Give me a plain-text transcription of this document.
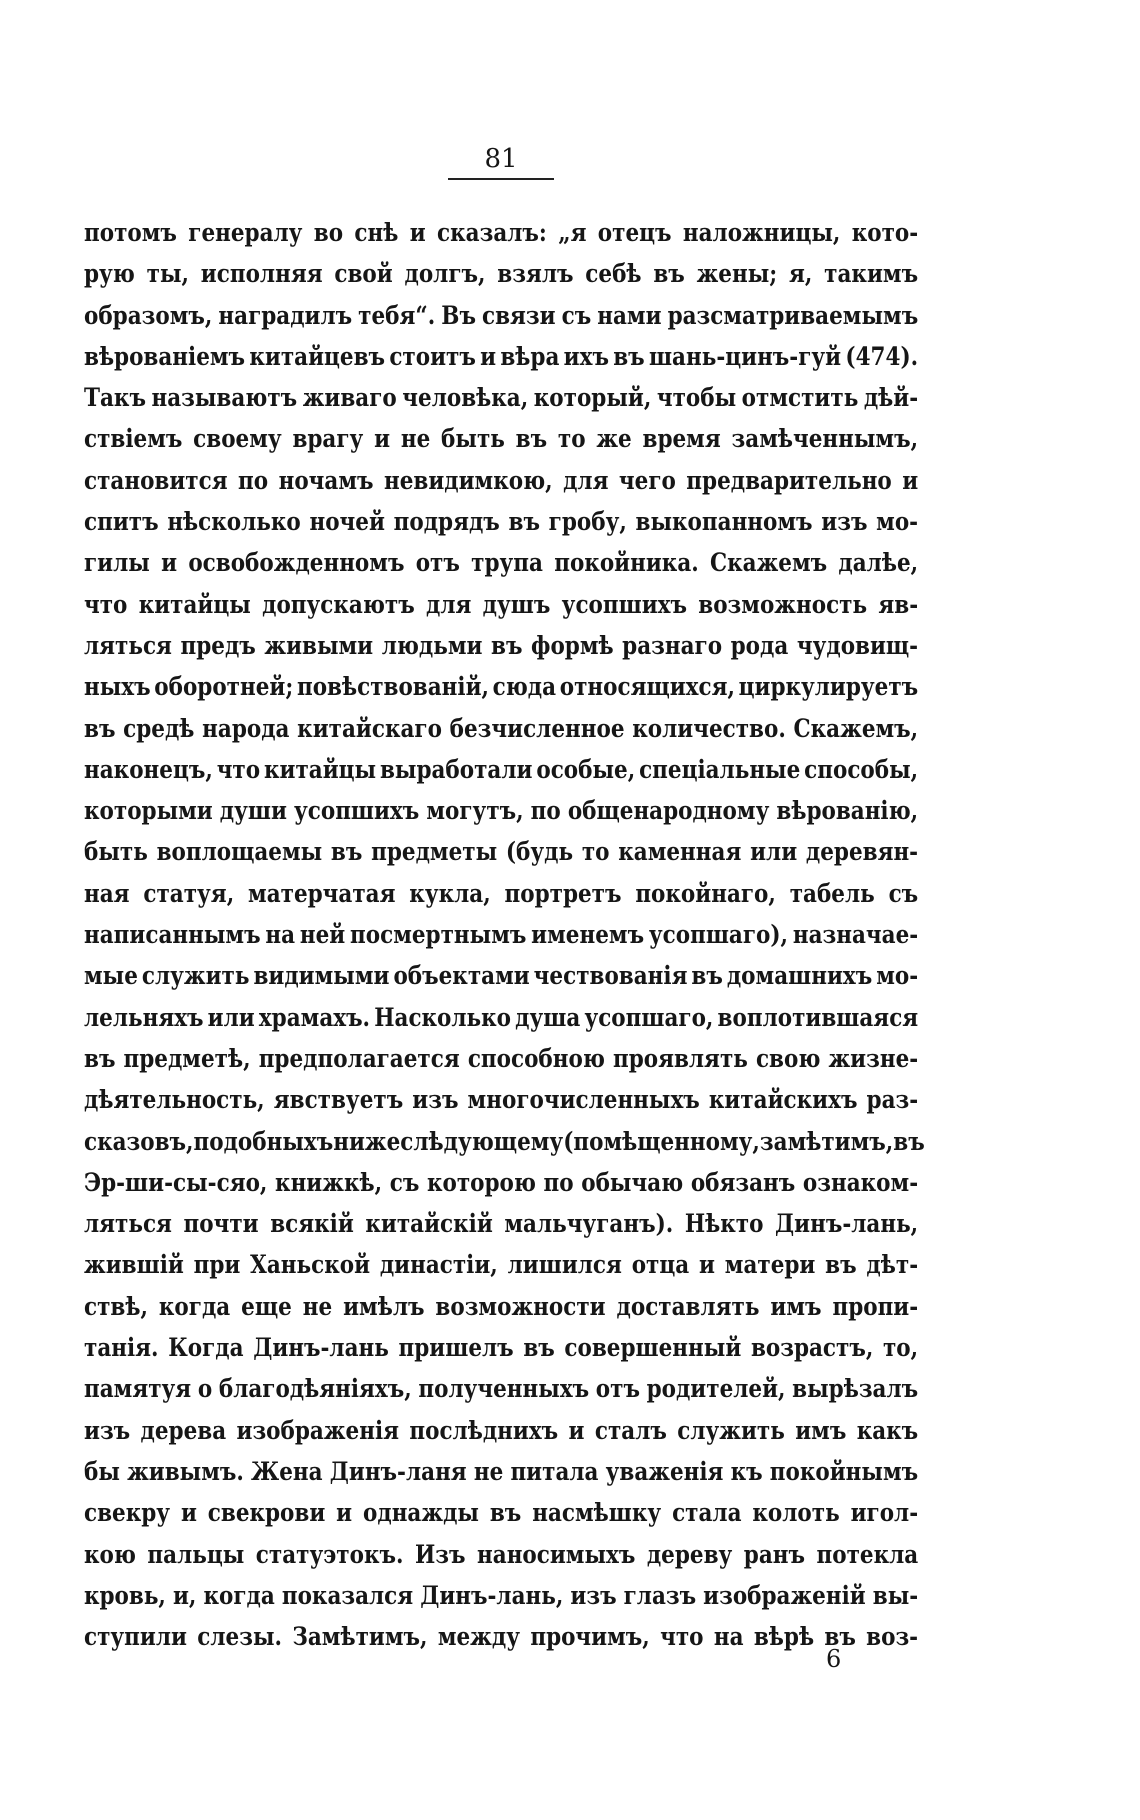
81
потомъ генералу во снѣ и сказалъ: „я отецъ наложницы, кото-
рую ты, исполняя свой долгъ, взялъ себѣ въ жены; я, такимъ
образомъ, наградилъ тебя“. Въ связи съ нами разсматриваемымъ
вѣрованіемъ китайцевъ стоитъ и вѣра ихъ въ шань-цинъ-гуй (474).
Такъ называютъ живаго человѣка, который, чтобы отмстить дѣй-
ствіемъ своему врагу и не быть въ то же время замѣченнымъ,
становится по ночамъ невидимкою, для чего предварительно и
спитъ нѣсколько ночей подрядъ въ гробу, выкопанномъ изъ мо-
гилы и освобожденномъ отъ трупа покойника. Скажемъ далѣе,
что китайцы допускаютъ для душъ усопшихъ возможность яв-
ляться предъ живыми людьми въ формѣ разнаго рода чудовищ-
ныхъ оборотней; повѣствованій, сюда относящихся, циркулируетъ
въ средѣ народа китайскаго безчисленное количество. Скажемъ,
наконецъ, что китайцы выработали особые, спеціальные способы,
которыми души усопшихъ могутъ, по общенародному вѣрованію,
быть воплощаемы въ предметы (будь то каменная или деревян-
ная статуя, матерчатая кукла, портретъ покойнаго, табель съ
написаннымъ на ней посмертнымъ именемъ усопшаго), назначае-
мые служить видимыми объектами чествованія въ домашнихъ мо-
лельняхъ или храмахъ. Насколько душа усопшаго, воплотившаяся
въ предметѣ, предполагается способною проявлять свою жизне-
дѣятельность, явствуетъ изъ многочисленныхъ китайскихъ раз-
сказовъ, подобныхъ нижеслѣдующему (помѣщенному, замѣтимъ, въ
Эр-ши-сы-сяо, книжкѣ, съ которою по обычаю обязанъ ознаком-
ляться почти всякій китайскій мальчуганъ). Нѣкто Динъ-лань,
жившій при Ханьской династіи, лишился отца и матери въ дѣт-
ствѣ, когда еще не имѣлъ возможности доставлять имъ пропи-
танія. Когда Динъ-лань пришелъ въ совершенный возрастъ, то,
памятуя о благодѣяніяхъ, полученныхъ отъ родителей, вырѣзалъ
изъ дерева изображенія послѣднихъ и сталъ служить имъ какъ
бы живымъ. Жена Динъ-ланя не питала уваженія къ покойнымъ
свекру и свекрови и однажды въ насмѣшку стала колоть игол-
кою пальцы статуэтокъ. Изъ наносимыхъ дереву ранъ потекла
кровь, и, когда показался Динъ-лань, изъ глазъ изображеній вы-
ступили слезы. Замѣтимъ, между прочимъ, что на вѣрѣ въ воз-
6
